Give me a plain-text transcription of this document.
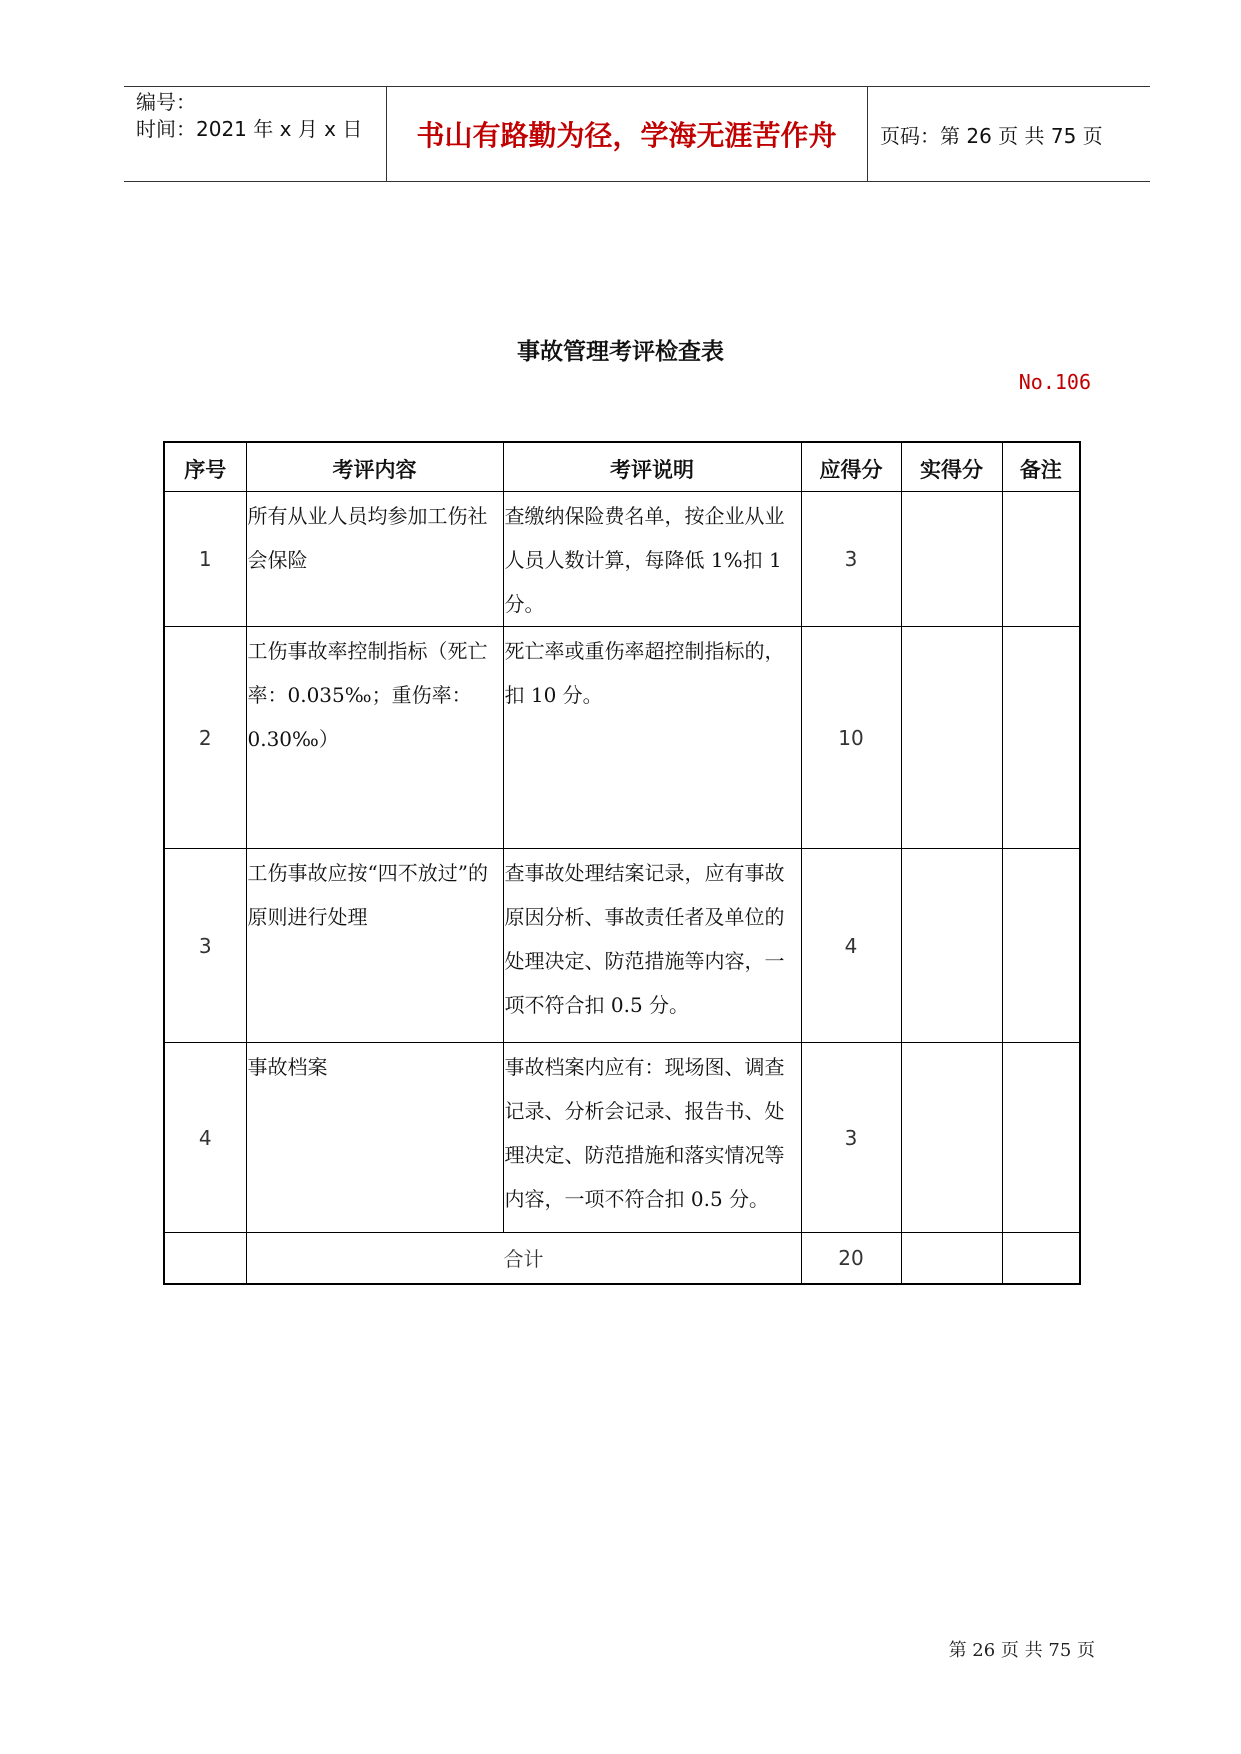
编号：
时间：2021 年 x 月 x 日	书山有路勤为径，学海无涯苦作舟	页码：第 26 页 共 75 页
事故管理考评检查表
No.106
序号	考评内容	考评说明	应得分	实得分	备注
1	所有从业人员均参加工伤社会保险	查缴纳保险费名单，按企业从业人员人数计算，每降低 1%扣 1 分。	3		
2	工伤事故率控制指标（死亡率：0.035‰；重伤率：0.30‰）	死亡率或重伤率超控制指标的，扣 10 分。	10		
3	工伤事故应按“四不放过”的原则进行处理	查事故处理结案记录，应有事故原因分析、事故责任者及单位的处理决定、防范措施等内容，一项不符合扣 0.5 分。	4		
4	事故档案	事故档案内应有：现场图、调查记录、分析会记录、报告书、处理决定、防范措施和落实情况等内容，一项不符合扣 0.5 分。	3		
	合计		20		
第 26 页 共 75 页
